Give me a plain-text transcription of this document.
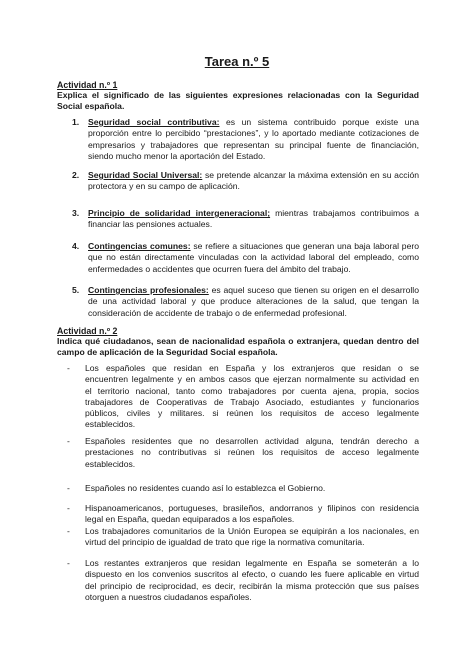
Tarea n.º 5
Actividad n.º 1
Explica el significado de las siguientes expresiones relacionadas con la Seguridad Social española.
1. Seguridad social contributiva: es un sistema contribuido porque existe una
proporción entre lo percibido “prestaciones”, y lo aportado mediante cotizaciones de
empresarios y trabajadores que representan su principal fuente de financiación,
siendo mucho menor la aportación del Estado.
2. Seguridad Social Universal: se pretende alcanzar la máxima extensión en su acción
protectora y en su campo de aplicación.
3. Principio de solidaridad intergeneracional; mientras trabajamos contribuimos a
financiar las pensiones actuales.
4. Contingencias comunes: se refiere a situaciones que generan una baja laboral pero
que no están directamente vinculadas con la actividad laboral del empleado, como
enfermedades o accidentes que ocurren fuera del ámbito del trabajo.
5. Contingencias profesionales: es aquel suceso que tienen su origen en el desarrollo
de una actividad laboral y que produce alteraciones de la salud, que tengan la
consideración de accidente de trabajo o de enfermedad profesional.
Actividad n.º 2
Indica qué ciudadanos, sean de nacionalidad española o extranjera, quedan dentro del campo de aplicación de la Seguridad Social española.
- Los españoles que residan en España y los extranjeros que residan o se
encuentren legalmente y en ambos casos que ejerzan normalmente su actividad en
el territorio nacional, tanto como trabajadores por cuenta ajena, propia, socios
trabajadores de Cooperativas de Trabajo Asociado, estudiantes y funcionarios
públicos, civiles y militares. si reúnen los requisitos de acceso legalmente
establecidos.
- Españoles residentes que no desarrollen actividad alguna, tendrán derecho a
prestaciones no contributivas si reúnen los requisitos de acceso legalmente
establecidos.
- Españoles no residentes cuando así lo establezca el Gobierno.
- Hispanoamericanos, portugueses, brasileños, andorranos y filipinos con residencia
legal en España, quedan equiparados a los españoles.
- Los trabajadores comunitarios de la Unión Europea se equipirán a los nacionales, en
virtud del principio de igualdad de trato que rige la normativa comunitaria.
- Los restantes extranjeros que residan legalmente en España se someterán a lo
dispuesto en los convenios suscritos al efecto, o cuando les fuere aplicable en virtud
del principio de reciprocidad, es decir, recibirán la misma protección que sus países
otorguen a nuestros ciudadanos españoles.
